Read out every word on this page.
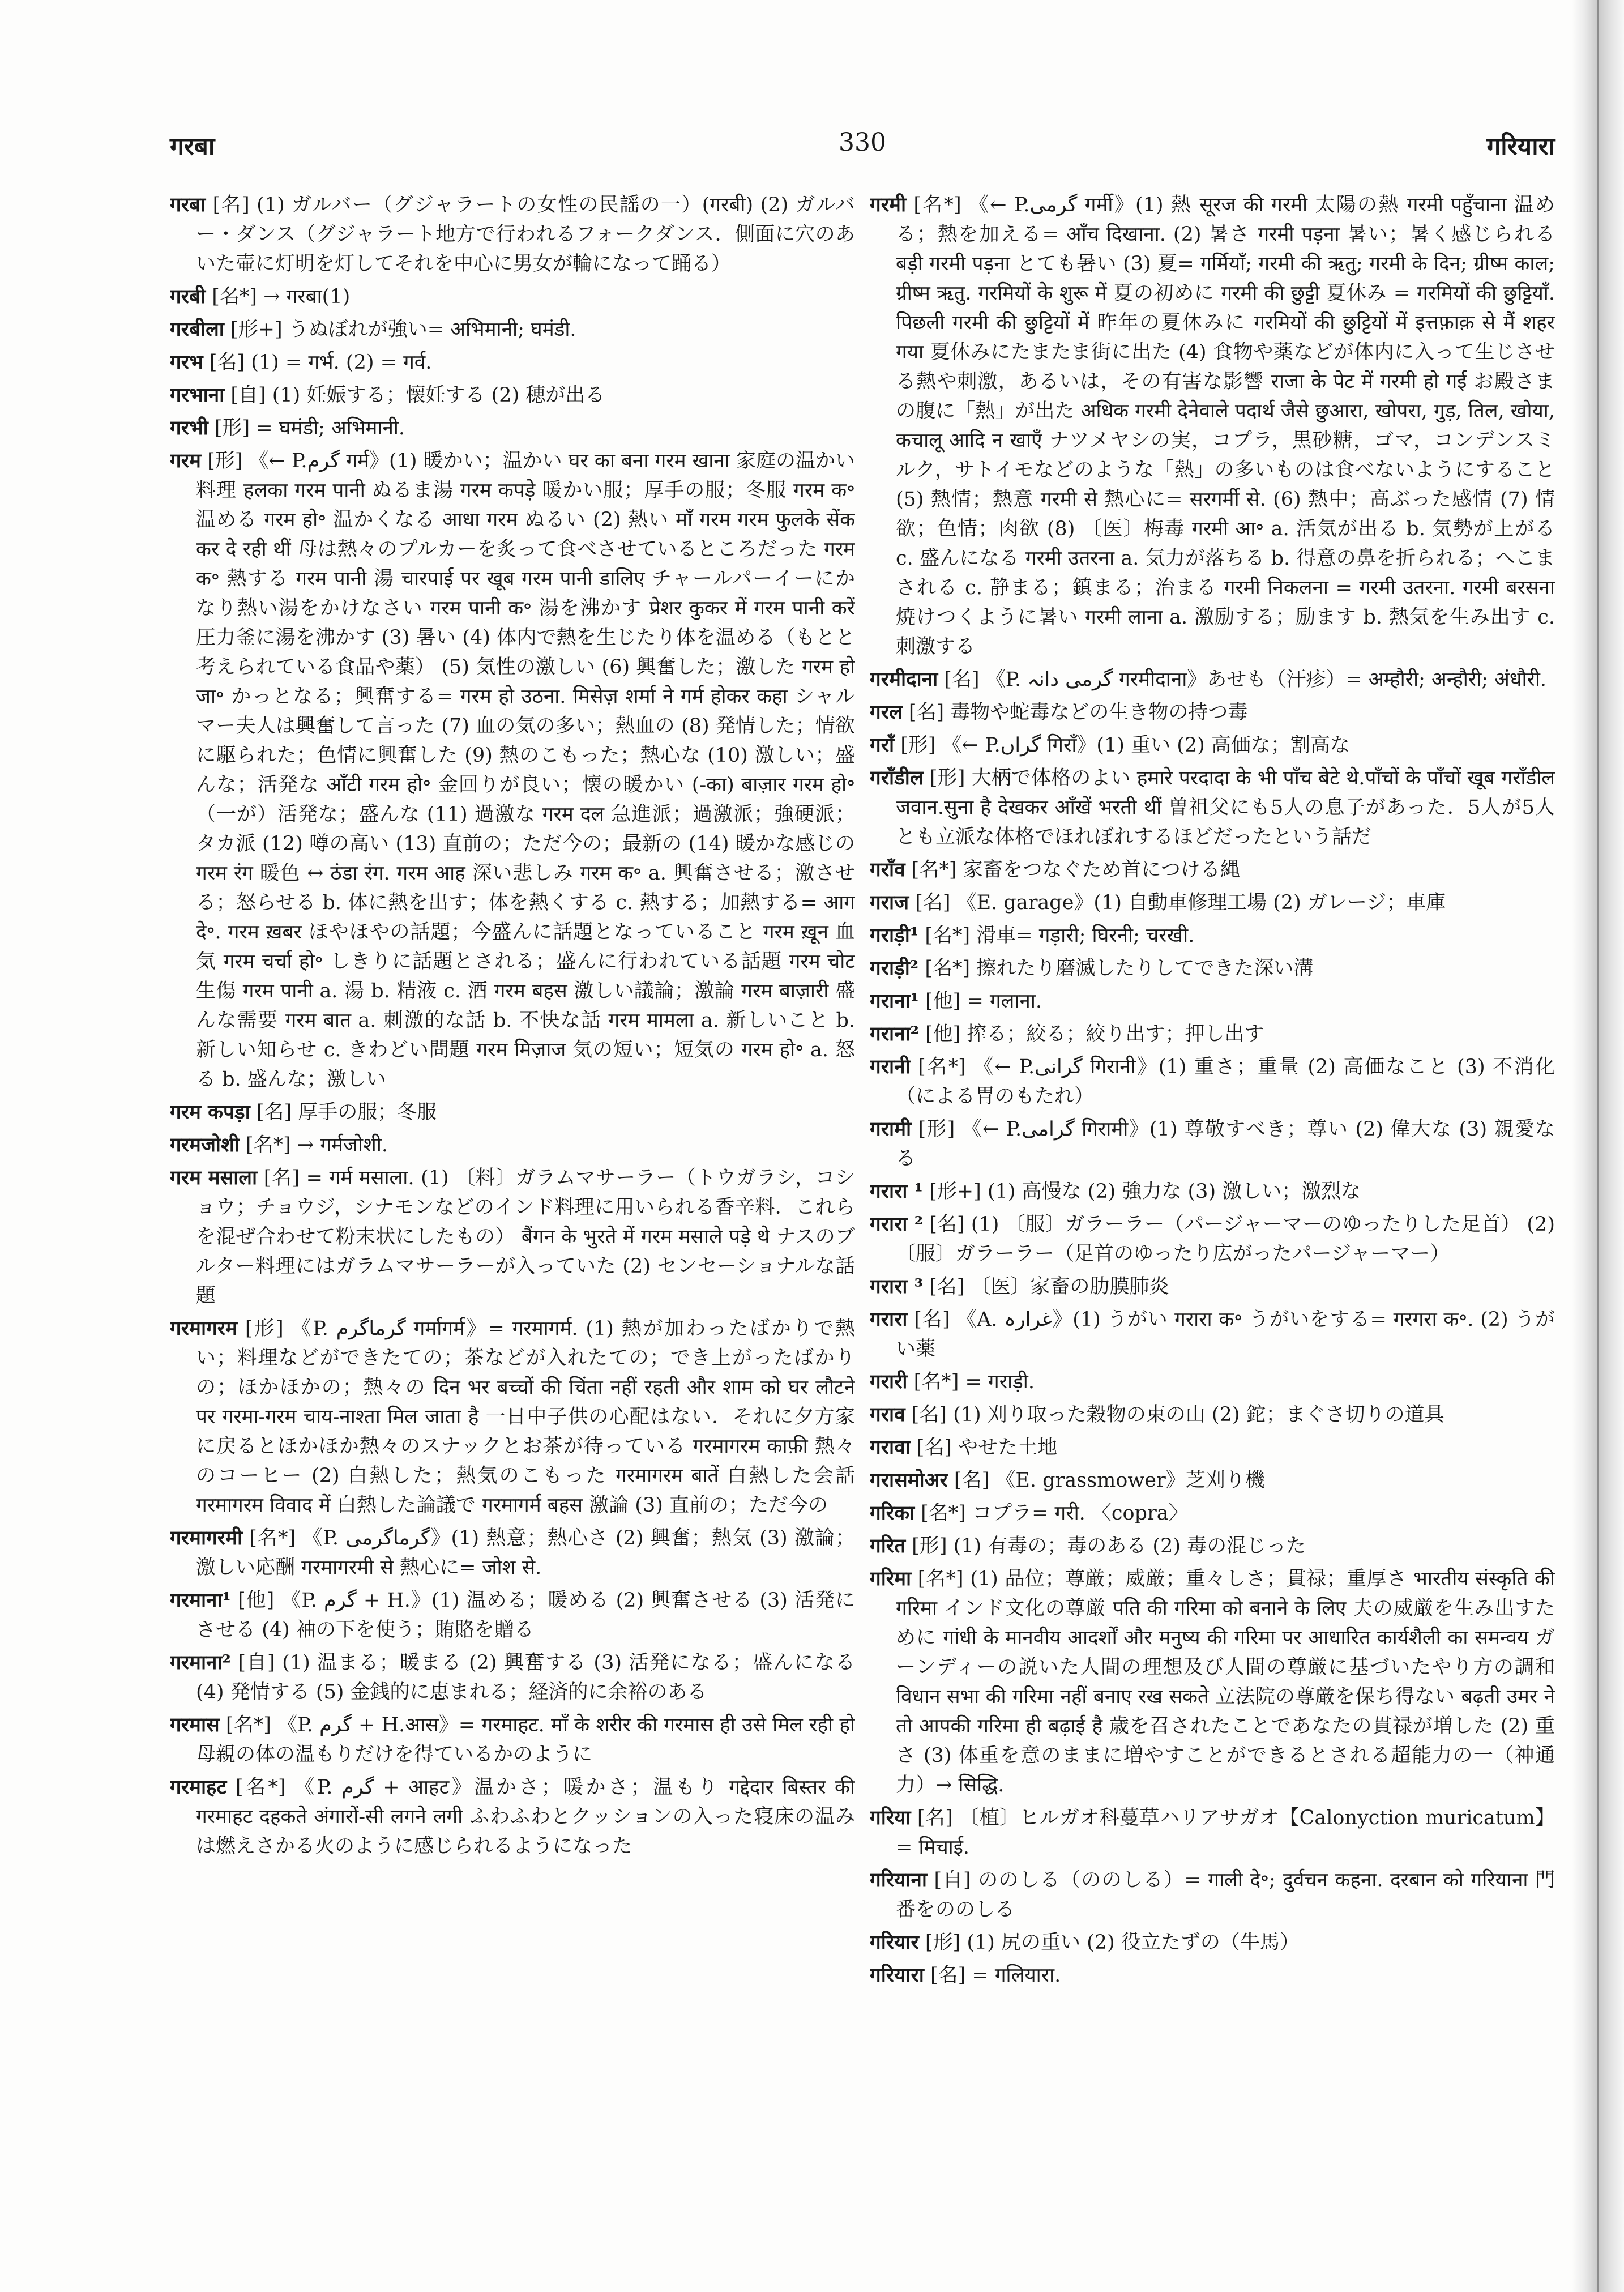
गरबा	330	गरियारा

गरबा [名] (1) ガルバー（グジャラートの女性の民謡の一）(गरबी) (2) ガルバー・ダンス（グジャラート地方で行われるフォークダンス．側面に穴のあいた壷に灯明を灯してそれを中心に男女が輪になって踊る）

गरबी [名*] → गरबा(1)

गरबीला [形+] うぬぼれが強い= अभिमानी; घमंडी.

गरभ [名] (1) = गर्भ. (2) = गर्व.

गरभाना [自] (1) 妊娠する；懐妊する (2) 穂が出る

गरभी [形] = घमंडी; अभिमानी.

गरम [形] 《← P.گرم गर्म》(1) 暖かい；温かい घर का बना गरम खाना 家庭の温かい料理 हलका गरम पानी ぬるま湯 गरम कपड़े 暖かい服；厚手の服；冬服 गरम क॰ 温める गरम हो॰ 温かくなる आधा गरम ぬるい (2) 熱い माँ गरम गरम फुलके सेंक कर दे रही थीं 母は熱々のプルカーを炙って食べさせているところだった गरम क॰ 熱する गरम पानी 湯 चारपाई पर खूब गरम पानी डालिए チャールパーイーにかなり熱い湯をかけなさい गरम पानी क॰ 湯を沸かす प्रेशर कुकर में गरम पानी करें 圧力釜に湯を沸かす (3) 暑い (4) 体内で熱を生じたり体を温める（もとと考えられている食品や薬） (5) 気性の激しい (6) 興奮した；激した गरम हो जा॰ かっとなる；興奮する= गरम हो उठना. मिसेज़ शर्मा ने गर्म होकर कहा シャルマー夫人は興奮して言った (7) 血の気の多い；熱血の (8) 発情した；情欲に駆られた；色情に興奮した (9) 熱のこもった；熱心な (10) 激しい；盛んな；活発な आँटी गरम हो॰ 金回りが良い；懐の暖かい (-का) बाज़ार गरम हो॰ （一が）活発な；盛んな (11) 過激な गरम दल 急進派；過激派；強硬派；タカ派 (12) 噂の高い (13) 直前の；ただ今の；最新の (14) 暖かな感じの गरम रंग 暖色 ↔ ठंडा रंग. गरम आह 深い悲しみ गरम क॰ a. 興奮させる；激させる；怒らせる b. 体に熱を出す；体を熱くする c. 熱する；加熱する= आग दे॰. गरम ख़बर ほやほやの話題；今盛んに話題となっていること गरम ख़ून 血気 गरम चर्चा हो॰ しきりに話題とされる；盛んに行われている話題 गरम चोट 生傷 गरम पानी a. 湯 b. 精液 c. 酒 गरम बहस 激しい議論；激論 गरम बाज़ारी 盛んな需要 गरम बात a. 刺激的な話 b. 不快な話 गरम मामला a. 新しいこと b. 新しい知らせ c. きわどい問題 गरम मिज़ाज 気の短い；短気の गरम हो॰ a. 怒る b. 盛んな；激しい

गरम कपड़ा [名] 厚手の服；冬服

गरमजोशी [名*] → गर्मजोशी.

गरम मसाला [名] = गर्म मसाला. (1) 〔料〕ガラムマサーラー（トウガラシ，コショウ；チョウジ，シナモンなどのインド料理に用いられる香辛料．これらを混ぜ合わせて粉末状にしたもの） बैंगन के भुरते में गरम मसाले पड़े थे ナスのブルター料理にはガラムマサーラーが入っていた (2) センセーショナルな話題

गरमागरम [形] 《P. گرماگرم गर्मागर्म》= गरमागर्म. (1) 熱が加わったばかりで熱い；料理などができたての；茶などが入れたての；でき上がったばかりの；ほかほかの；熱々の दिन भर बच्चों की चिंता नहीं रहती और शाम को घर लौटने पर गरमा-गरम चाय-नाश्ता मिल जाता है 一日中子供の心配はない．それに夕方家に戻るとほかほか熱々のスナックとお茶が待っている गरमागरम काफ़ी 熱々のコーヒー (2) 白熱した；熱気のこもった गरमागरम बातें 白熱した会話 गरमागरम विवाद में 白熱した論議で गरमागर्म बहस 激論 (3) 直前の；ただ今の

गरमागरमी [名*] 《P. گرماگرمی》(1) 熱意；熱心さ (2) 興奮；熱気 (3) 激論；激しい応酬 गरमागरमी से 熱心に= जोश से.

गरमाना¹ [他] 《P. گرم + H.》(1) 温める；暖める (2) 興奮させる (3) 活発にさせる (4) 袖の下を使う；賄賂を贈る

गरमाना² [自] (1) 温まる；暖まる (2) 興奮する (3) 活発になる；盛んになる (4) 発情する (5) 金銭的に恵まれる；経済的に余裕のある

गरमास [名*] 《P. گرم + H.आस》= गरमाहट. माँ के शरीर की गरमास ही उसे मिल रही हो 母親の体の温もりだけを得ているかのように

गरमाहट [名*] 《P. گرم + आहट》温かさ；暖かさ；温もり गद्देदार बिस्तर की गरमाहट दहकते अंगारों-सी लगने लगी ふわふわとクッションの入った寝床の温みは燃えさかる火のように感じられるようになった

गरमी [名*] 《← P.گرمی गर्मी》(1) 熱 सूरज की गरमी 太陽の熱 गरमी पहुँचाना 温める；熱を加える= आँच दिखाना. (2) 暑さ गरमी पड़ना 暑い；暑く感じられる बड़ी गरमी पड़ना とても暑い (3) 夏= गर्मियाँ; गरमी की ऋतु; गरमी के दिन; ग्रीष्म काल; ग्रीष्म ऋतु. गरमियों के शुरू में 夏の初めに गरमी की छुट्टी 夏休み = गरमियों की छुट्टियाँ. पिछली गरमी की छुट्टियों में 昨年の夏休みに गरमियों की छुट्टियों में इत्तफ़ाक़ से मैं शहर गया 夏休みにたまたま街に出た (4) 食物や薬などが体内に入って生じさせる熱や刺激，あるいは，その有害な影響 राजा के पेट में गरमी हो गई お殿さまの腹に「熱」が出た अधिक गरमी देनेवाले पदार्थ जैसे छुआरा, खोपरा, गुड़, तिल, खोया, कचालू आदि न खाएँ ナツメヤシの実，コプラ，黒砂糖，ゴマ，コンデンスミルク，サトイモなどのような「熱」の多いものは食べないようにすること (5) 熱情；熱意 गरमी से 熱心に= सरगर्मी से. (6) 熱中；高ぶった感情 (7) 情欲；色情；肉欲 (8) 〔医〕梅毒 गरमी आ॰ a. 活気が出る b. 気勢が上がる c. 盛んになる गरमी उतरना a. 気力が落ちる b. 得意の鼻を折られる；へこまされる c. 静まる；鎮まる；治まる गरमी निकलना = गरमी उतरना. गरमी बरसना 焼けつくように暑い गरमी लाना a. 激励する；励ます b. 熱気を生み出す c. 刺激する

गरमीदाना [名] 《P. گرمی دانہ गरमीदाना》あせも（汗疹）= अम्हौरी; अन्हौरी; अंधौरी.

गरल [名] 毒物や蛇毒などの生き物の持つ毒

गराँ [形] 《← P.گراں गिराँ》(1) 重い (2) 高価な；割高な

गराँडील [形] 大柄で体格のよい हमारे परदादा के भी पाँच बेटे थे.पाँचों के पाँचों खूब गराँडील जवान.सुना है देखकर आँखें भरती थीं 曽祖父にも5人の息子があった．5人が5人とも立派な体格でほれぼれするほどだったという話だ

गराँव [名*] 家畜をつなぐため首につける縄

गराज [名] 《E. garage》(1) 自動車修理工場 (2) ガレージ；車庫

गराड़ी¹ [名*] 滑車= गड़ारी; घिरनी; चरखी.

गराड़ी² [名*] 擦れたり磨滅したりしてできた深い溝

गराना¹ [他] = गलाना.

गराना² [他] 搾る；絞る；絞り出す；押し出す

गरानी [名*] 《← P.گرانی गिरानी》(1) 重さ；重量 (2) 高価なこと (3) 不消化（による胃のもたれ）

गरामी [形] 《← P.گرامی गिरामी》(1) 尊敬すべき；尊い (2) 偉大な (3) 親愛なる

गरारा ¹ [形+] (1) 高慢な (2) 強力な (3) 激しい；激烈な

गरारा ² [名] (1) 〔服〕ガラーラー（パージャーマーのゆったりした足首） (2) 〔服〕ガラーラー（足首のゆったり広がったパージャーマー）

गरारा ³ [名] 〔医〕家畜の肋膜肺炎

गरारा [名] 《A. غرارہ》(1) うがい गरारा क॰ うがいをする= गरगरा क॰. (2) うがい薬

गरारी [名*] = गराड़ी.

गराव [名] (1) 刈り取った穀物の束の山 (2) 鉈；まぐさ切りの道具

गरावा [名] やせた土地

गरासमोअर [名] 《E. grassmower》芝刈り機

गरिका [名*] コプラ= गरी. 〈copra〉

गरित [形] (1) 有毒の；毒のある (2) 毒の混じった

गरिमा [名*] (1) 品位；尊厳；威厳；重々しさ；貫禄；重厚さ भारतीय संस्कृति की गरिमा インド文化の尊厳 पति की गरिमा को बनाने के लिए 夫の威厳を生み出すために गांधी के मानवीय आदर्शों और मनुष्य की गरिमा पर आधारित कार्यशैली का समन्वय ガーンディーの説いた人間の理想及び人間の尊厳に基づいたやり方の調和 विधान सभा की गरिमा नहीं बनाए रख सकते 立法院の尊厳を保ち得ない बढ़ती उमर ने तो आपकी गरिमा ही बढ़ाई है 歳を召されたことであなたの貫禄が増した (2) 重さ (3) 体重を意のままに増やすことができるとされる超能力の一（神通力）→ सिद्धि.

गरिया [名] 〔植〕ヒルガオ科蔓草ハリアサガオ【Calonyction muricatum】= मिचाई.

गरियाना [自] ののしる（ののしる）= गाली दे॰; दुर्वचन कहना. दरबान को गरियाना 門番をののしる

गरियार [形] (1) 尻の重い (2) 役立たずの（牛馬）

गरियारा [名] = गलियारा.
